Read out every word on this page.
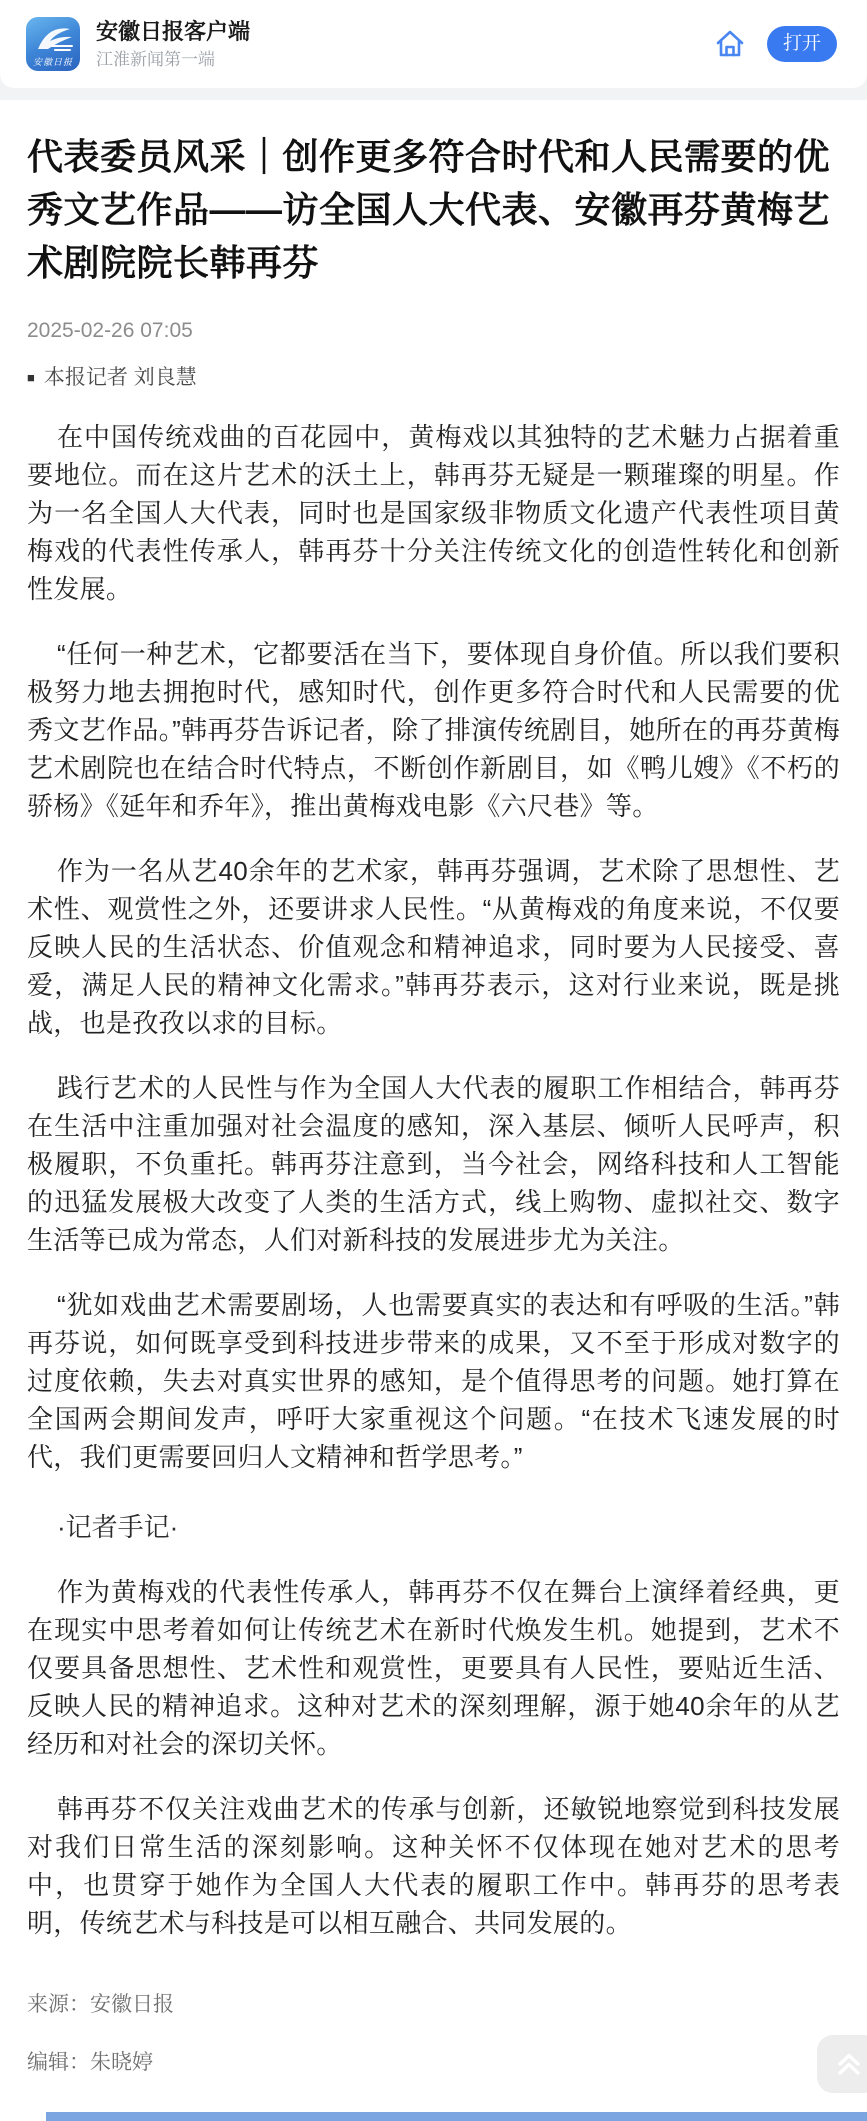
安徽日报
安徽日报客户端
江淮新闻第一端
打开
代表委员风采｜创作更多符合时代和人民需要的优秀文艺作品——访全国人大代表、安徽再芬黄梅艺术剧院院长韩再芬
2025-02-26 07:05
■ 本报记者 刘良慧

在中国传统戏曲的百花园中，黄梅戏以其独特的艺术魅力占据着重要地位。而在这片艺术的沃土上，韩再芬无疑是一颗璀璨的明星。作为一名全国人大代表，同时也是国家级非物质文化遗产代表性项目黄梅戏的代表性传承人，韩再芬十分关注传统文化的创造性转化和创新性发展。

“任何一种艺术，它都要活在当下，要体现自身价值。所以我们要积极努力地去拥抱时代，感知时代，创作更多符合时代和人民需要的优秀文艺作品。”韩再芬告诉记者，除了排演传统剧目，她所在的再芬黄梅艺术剧院也在结合时代特点，不断创作新剧目，如《鸭儿嫂》《不朽的骄杨》《延年和乔年》，推出黄梅戏电影《六尺巷》等。

作为一名从艺40余年的艺术家，韩再芬强调，艺术除了思想性、艺术性、观赏性之外，还要讲求人民性。“从黄梅戏的角度来说，不仅要反映人民的生活状态、价值观念和精神追求，同时要为人民接受、喜爱，满足人民的精神文化需求。”韩再芬表示，这对行业来说，既是挑战，也是孜孜以求的目标。

践行艺术的人民性与作为全国人大代表的履职工作相结合，韩再芬在生活中注重加强对社会温度的感知，深入基层、倾听人民呼声，积极履职，不负重托。韩再芬注意到，当今社会，网络科技和人工智能的迅猛发展极大改变了人类的生活方式，线上购物、虚拟社交、数字生活等已成为常态，人们对新科技的发展进步尤为关注。

“犹如戏曲艺术需要剧场，人也需要真实的表达和有呼吸的生活。”韩再芬说，如何既享受到科技进步带来的成果，又不至于形成对数字的过度依赖，失去对真实世界的感知，是个值得思考的问题。她打算在全国两会期间发声，呼吁大家重视这个问题。“在技术飞速发展的时代，我们更需要回归人文精神和哲学思考。”

·记者手记·

作为黄梅戏的代表性传承人，韩再芬不仅在舞台上演绎着经典，更在现实中思考着如何让传统艺术在新时代焕发生机。她提到，艺术不仅要具备思想性、艺术性和观赏性，更要具有人民性，要贴近生活、反映人民的精神追求。这种对艺术的深刻理解，源于她40余年的从艺经历和对社会的深切关怀。

韩再芬不仅关注戏曲艺术的传承与创新，还敏锐地察觉到科技发展对我们日常生活的深刻影响。这种关怀不仅体现在她对艺术的思考中，也贯穿于她作为全国人大代表的履职工作中。韩再芬的思考表明，传统艺术与科技是可以相互融合、共同发展的。

来源：安徽日报
编辑：朱晓婷
